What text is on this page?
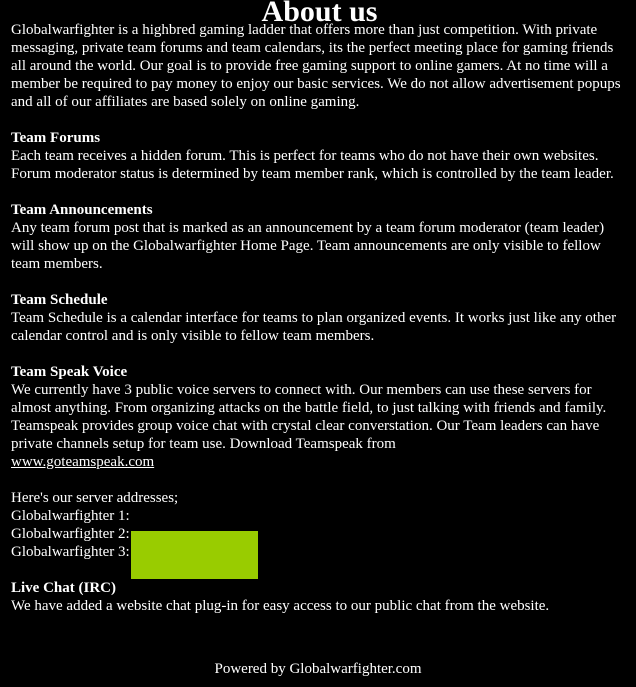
About us

Globalwarfighter is a highbred gaming ladder that offers more than just competition. With private messaging, private team forums and team calendars, its the perfect meeting place for gaming friends all around the world. Our goal is to provide free gaming support to online gamers. At no time will a member be required to pay money to enjoy our basic services. We do not allow advertisement popups and all of our affiliates are based solely on online gaming.

Team Forums

Each team receives a hidden forum. This is perfect for teams who do not have their own websites. Forum moderator status is determined by team member rank, which is controlled by the team leader.

Team Announcements

Any team forum post that is marked as an announcement by a team forum moderator (team leader) will show up on the Globalwarfighter Home Page. Team announcements are only visible to fellow team members.

Team Schedule

Team Schedule is a calendar interface for teams to plan organized events. It works just like any other calendar control and is only visible to fellow team members.

Team Speak Voice

We currently have 3 public voice servers to connect with. Our members can use these servers for almost anything. From organizing attacks on the battle field, to just talking with friends and family. Teamspeak provides group voice chat with crystal clear converstation. Our Team leaders can have private channels setup for team use. Download Teamspeak from
www.goteamspeak.com

Here's our server addresses;

Globalwarfighter 1:
Globalwarfighter 2:
Globalwarfighter 3:
Live Chat (IRC)

We have added a website chat plug-in for easy access to our public chat from the website.

Powered by Globalwarfighter.com
